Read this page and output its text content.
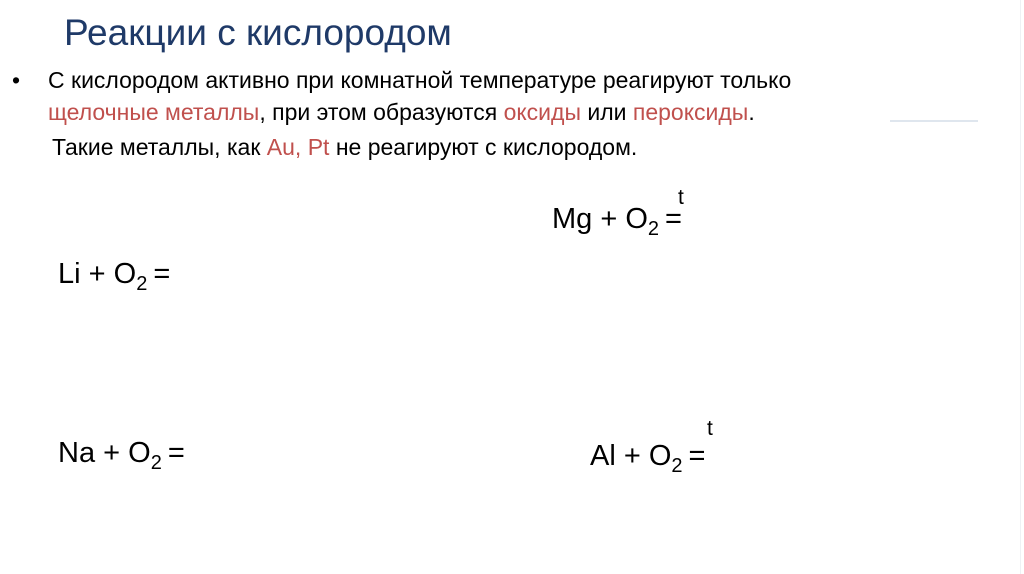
Реакции с кислородом
• С кислородом активно при комнатной температуре реагируют только
щелочные металлы, при этом образуются оксиды или пероксиды.
Такие металлы, как Au, Pt не реагируют с кислородом.
$Li + O_2$ =
$Na + O_2$ =
t
$Mg + O_2$ =
t
$Al + O_2$ =
